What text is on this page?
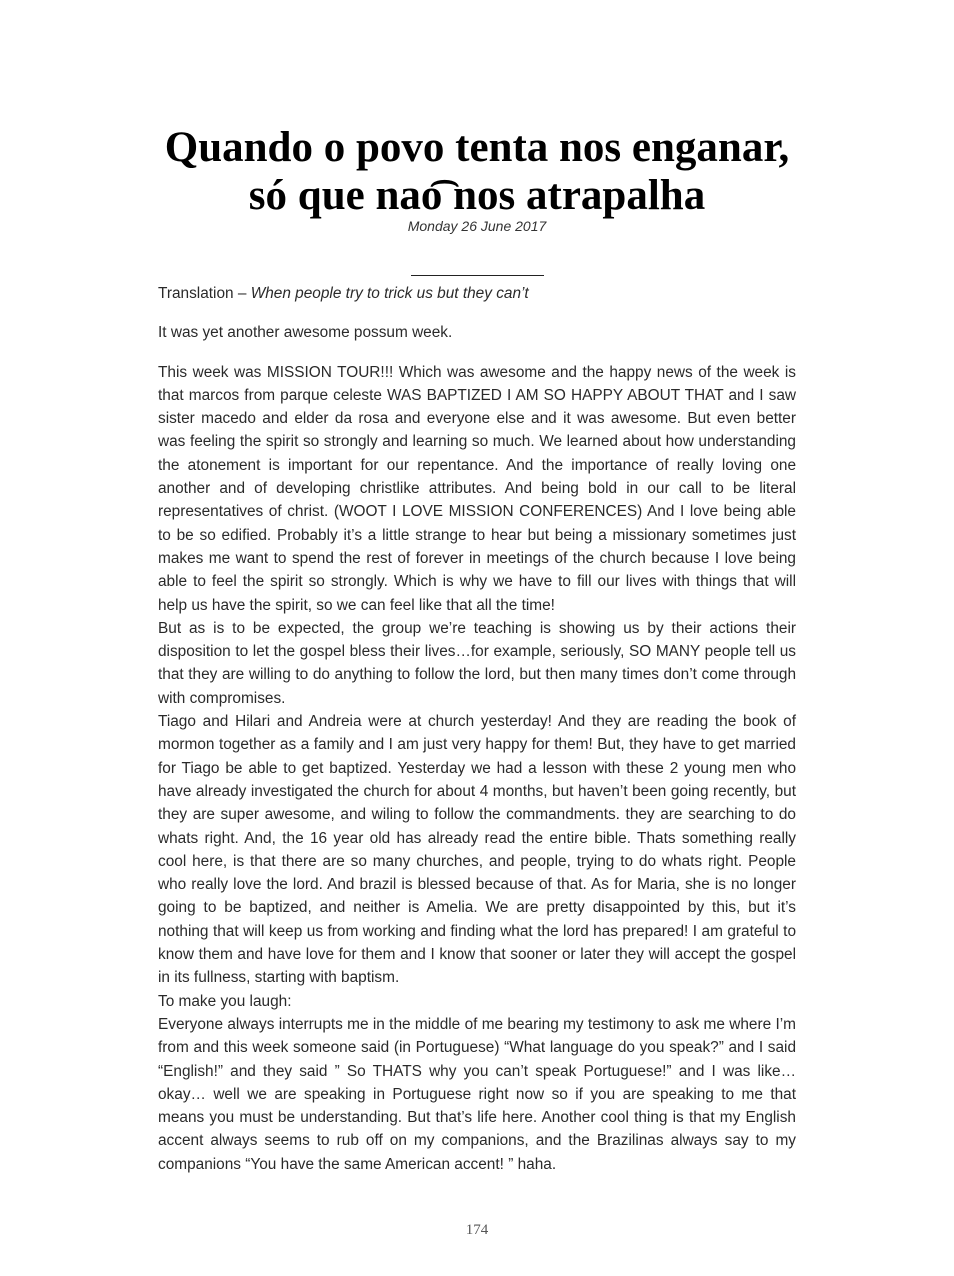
Quando o povo tenta nos enganar,
só que nao͡ nos atrapalha
Monday 26 June 2017

Translation – When people try to trick us but they can’t

It was yet another awesome possum week.

This week was MISSION TOUR!!! Which was awesome and the happy news of the week is that marcos from parque celeste WAS BAPTIZED I AM SO HAPPY ABOUT THAT and I saw sister macedo and elder da rosa and everyone else and it was awesome. But even better was feeling the spirit so strongly and learning so much. We learned about how understanding the atonement is important for our repentance. And the importance of really loving one another and of developing christlike attributes. And being bold in our call to be literal representatives of christ. (WOOT I LOVE MISSION CONFERENCES) And I love being able to be so edified. Probably it’s a little strange to hear but being a missionary sometimes just makes me want to spend the rest of forever in meetings of the church because I love being able to feel the spirit so strongly. Which is why we have to fill our lives with things that will help us have the spirit, so we can feel like that all the time!

But as is to be expected, the group we’re teaching is showing us by their actions their disposition to let the gospel bless their lives…for example, seriously, SO MANY people tell us that they are willing to do anything to follow the lord, but then many times don’t come through with compromises.

Tiago and Hilari and Andreia were at church yesterday! And they are reading the book of mormon together as a family and I am just very happy for them! But, they have to get married for Tiago be able to get baptized. Yesterday we had a lesson with these 2 young men who have already investigated the church for about 4 months, but haven’t been going recently, but they are super awesome, and wiling to follow the commandments. they are searching to do whats right. And, the 16 year old has already read the entire bible. Thats something really cool here, is that there are so many churches, and people, trying to do whats right. People who really love the lord. And brazil is blessed because of that. As for Maria, she is no longer going to be baptized, and neither is Amelia. We are pretty disappointed by this, but it’s nothing that will keep us from working and finding what the lord has prepared! I am grateful to know them and have love for them and I know that sooner or later they will accept the gospel in its fullness, starting with baptism.

To make you laugh:

Everyone always interrupts me in the middle of me bearing my testimony to ask me where I’m from and this week someone said (in Portuguese) “What language do you speak?” and I said “English!” and they said ” So THATS why you can’t speak Portuguese!” and I was like… okay… well we are speaking in Portuguese right now so if you are speaking to me that means you must be understanding. But that’s life here. Another cool thing is that my English accent always seems to rub off on my companions, and the Brazilinas always say to my companions “You have the same American accent! ” haha.

174
